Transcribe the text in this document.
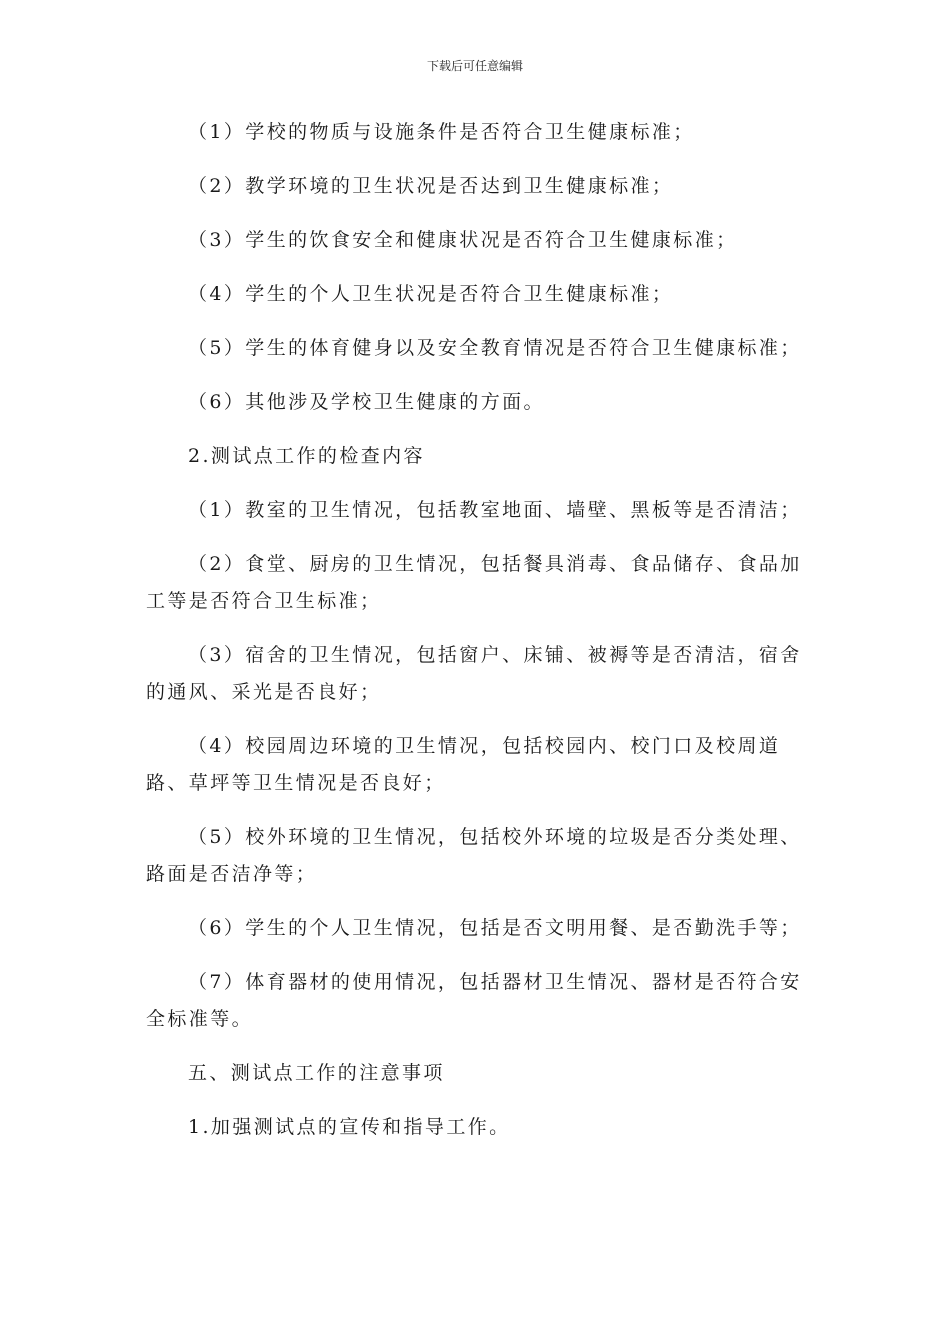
下载后可任意编辑

（1）学校的物质与设施条件是否符合卫生健康标准；

（2）教学环境的卫生状况是否达到卫生健康标准；

（3）学生的饮食安全和健康状况是否符合卫生健康标准；

（4）学生的个人卫生状况是否符合卫生健康标准；

（5）学生的体育健身以及安全教育情况是否符合卫生健康标准；

（6）其他涉及学校卫生健康的方面。

2.测试点工作的检查内容

（1）教室的卫生情况，包括教室地面、墙壁、黑板等是否清洁；

（2）食堂、厨房的卫生情况，包括餐具消毒、食品储存、食品加工等是否符合卫生标准；

（3）宿舍的卫生情况，包括窗户、床铺、被褥等是否清洁，宿舍的通风、采光是否良好；

（4）校园周边环境的卫生情况，包括校园内、校门口及校周道路、草坪等卫生情况是否良好；

（5）校外环境的卫生情况，包括校外环境的垃圾是否分类处理、路面是否洁净等；

（6）学生的个人卫生情况，包括是否文明用餐、是否勤洗手等；

（7）体育器材的使用情况，包括器材卫生情况、器材是否符合安全标准等。

五、测试点工作的注意事项

1.加强测试点的宣传和指导工作。
